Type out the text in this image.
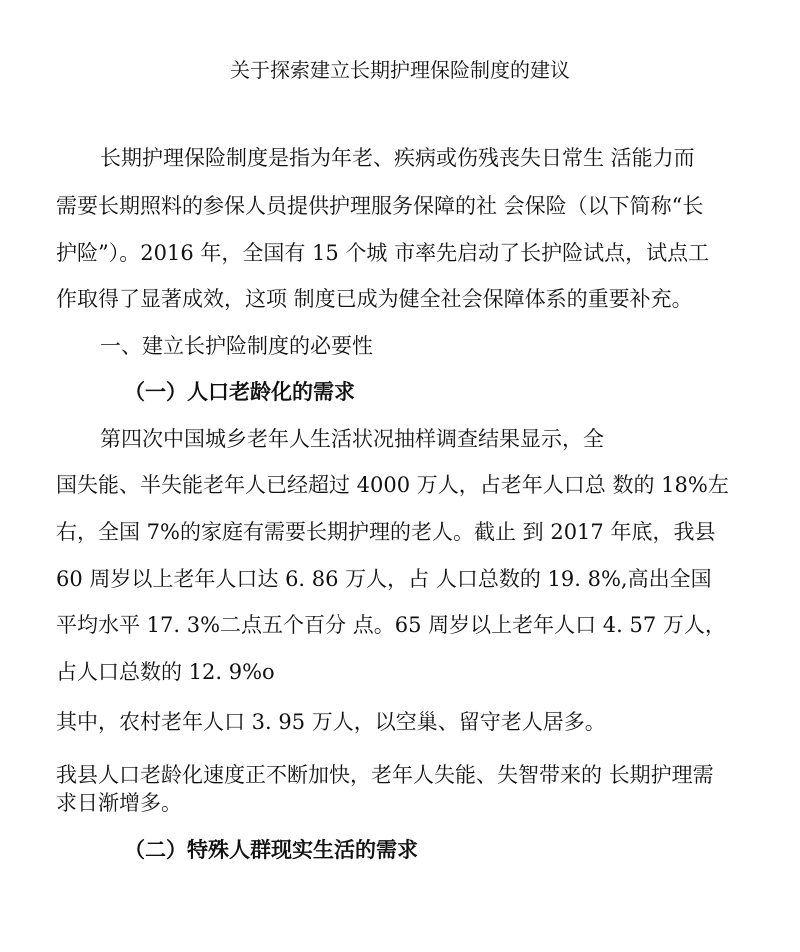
关于探索建立长期护理保险制度的建议
长期护理保险制度是指为年老、疾病或伤残丧失日常生 活能力而
需要长期照料的参保人员提供护理服务保障的社 会保险（以下简称“长
护险”）。2016 年，全国有 15 个城 市率先启动了长护险试点，试点工
作取得了显著成效，这项 制度已成为健全社会保障体系的重要补充。
一、建立长护险制度的必要性
（一）人口老龄化的需求
第四次中国城乡老年人生活状况抽样调查结果显示，全
国失能、半失能老年人已经超过 4000 万人，占老年人口总 数的 18%左
右，全国 7%的家庭有需要长期护理的老人。截止 到 2017 年底，我县
60 周岁以上老年人口达 6. 86 万人，占 人口总数的 19. 8%,高出全国
平均水平 17. 3%二点五个百分 点。65 周岁以上老年人口 4. 57 万人，
占人口总数的 12. 9%o
其中，农村老年人口 3. 95 万人，以空巢、留守老人居多。
我县人口老龄化速度正不断加快，老年人失能、失智带来的 长期护理需
求日渐增多。
（二）特殊人群现实生活的需求
